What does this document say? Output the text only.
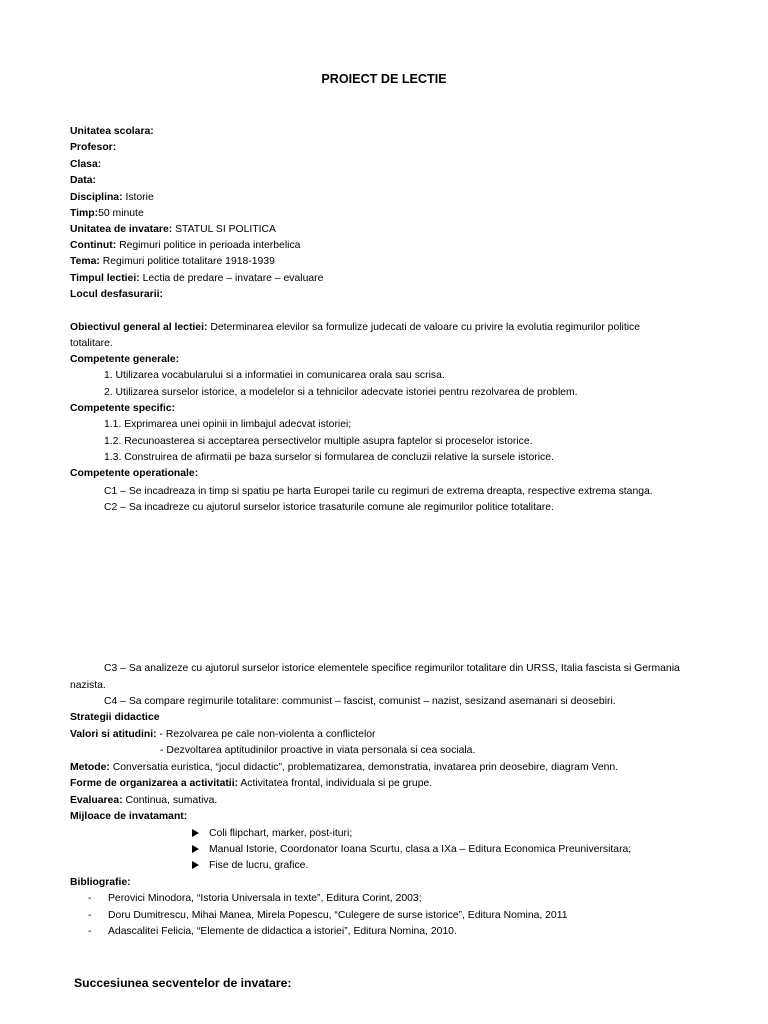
PROIECT DE LECTIE
Unitatea scolara:
Profesor:
Clasa:
Data:
Disciplina: Istorie
Timp:50 minute
Unitatea de invatare: STATUL SI POLITICA
Continut: Regimuri politice in perioada interbelica
Tema: Regimuri politice totalitare 1918-1939
Timpul lectiei: Lectia de predare – invatare – evaluare
Locul desfasurarii:
Obiectivul general al lectiei: Determinarea elevilor sa formulize judecati de valoare cu privire la evolutia regimurilor politice
totalitare.
Competente generale:
1. Utilizarea vocabularului si a informatiei in comunicarea orala sau scrisa.
2. Utilizarea surselor istorice, a modelelor si a tehnicilor adecvate istoriei pentru rezolvarea de problem.
Competente specific:
1.1. Exprimarea unei opinii in limbajul adecvat istoriei;
1.2. Recunoasterea si acceptarea persectivelor multiple asupra faptelor si proceselor istorice.
1.3. Construirea de afirmatii pe baza surselor si formularea de concluzii relative la sursele istorice.
Competente operationale:
C1 – Se incadreaza in timp si spatiu pe harta Europei tarile cu regimuri de extrema dreapta, respective extrema stanga.
C2 – Sa incadreze cu ajutorul surselor istorice trasaturile comune ale regimurilor politice totalitare.
C3 – Sa analizeze cu ajutorul surselor istorice elementele specifice regimurilor totalitare din URSS, Italia fascista si Germania
nazista.
C4 – Sa compare regimurile totalitare: communist – fascist, comunist – nazist, sesizand asemanari si deosebiri.
Strategii didactice
Valori si atitudini: - Rezolvarea pe cale non-violenta a conflictelor
- Dezvoltarea aptitudinilor proactive in viata personala si cea sociala.
Metode: Conversatia euristica, “jocul didactic”, problematizarea, demonstratia, invatarea prin deosebire, diagram Venn.
Forme de organizarea a activitatii: Activitatea frontal, individuala si pe grupe.
Evaluarea: Continua, sumativa.
Mijloace de invatamant:
Coli flipchart, marker, post-ituri;
Manual Istorie, Coordonator Ioana Scurtu, clasa a IXa – Editura Economica Preuniversitara;
Fise de lucru, grafice.
Bibliografie:
- Perovici Minodora, “Istoria Universala in texte”, Editura Corint, 2003;
- Doru Dumitrescu, Mihai Manea, Mirela Popescu, “Culegere de surse istorice”, Editura Nomina, 2011
- Adascalitei Felicia, “Elemente de didactica a istoriei”, Editura Nomina, 2010.
Succesiunea secventelor de invatare:
